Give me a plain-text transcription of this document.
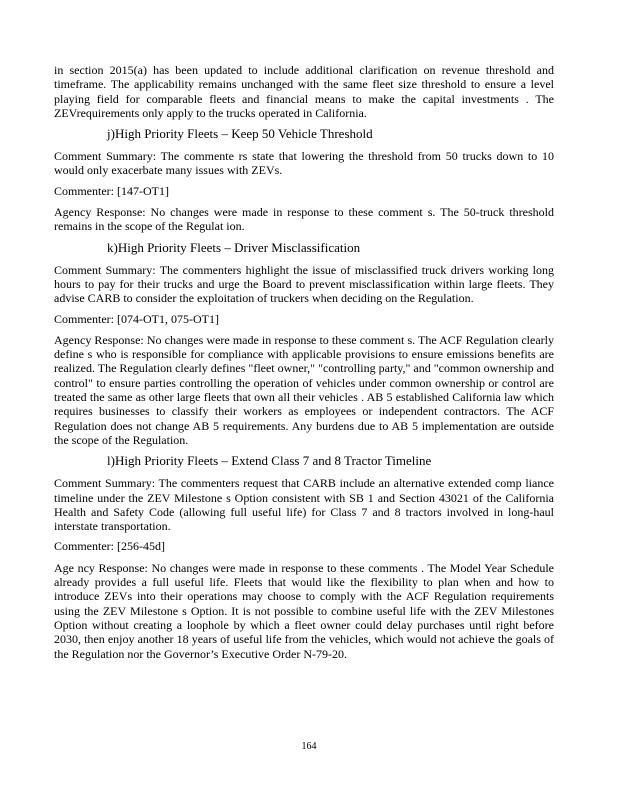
in section 2015(a) has been updated to include additional clarification on revenue threshold and timeframe. The applicability remains unchanged with the same fleet size threshold to ensure a level playing field for comparable fleets and financial means to make the capital investments . The ZEVrequirements only apply to the trucks operated in California.

j)High Priority Fleets – Keep 50 Vehicle Threshold

Comment Summary: The commente rs state that lowering the threshold from 50 trucks down to 10 would only exacerbate many issues with ZEVs.

Commenter: [147-OT1]

Agency Response: No changes were made in response to these comment s. The 50-truck threshold remains in the scope of the Regulat ion.

k)High Priority Fleets – Driver Misclassification

Comment Summary: The commenters highlight the issue of misclassified truck drivers working long hours to pay for their trucks and urge the Board to prevent misclassification within large fleets. They advise CARB to consider the exploitation of truckers when deciding on the Regulation.

Commenter: [074-OT1, 075-OT1]

Agency Response: No changes were made in response to these comment s. The ACF Regulation clearly define s who is responsible for compliance with applicable provisions to ensure emissions benefits are realized. The Regulation clearly defines "fleet owner," "controlling party," and "common ownership and control" to ensure parties controlling the operation of vehicles under common ownership or control are treated the same as other large fleets that own all their vehicles . AB 5 established California law which requires businesses to classify their workers as employees or independent contractors. The ACF Regulation does not change AB 5 requirements. Any burdens due to AB 5 implementation are outside the scope of the Regulation.

l)High Priority Fleets – Extend Class 7 and 8 Tractor Timeline

Comment Summary: The commenters request that CARB include an alternative extended comp liance timeline under the ZEV Milestone s Option consistent with SB 1 and Section 43021 of the California Health and Safety Code (allowing full useful life) for Class 7 and 8 tractors involved in long-haul interstate transportation.

Commenter: [256-45d]

Age ncy Response: No changes were made in response to these comments . The Model Year Schedule already provides a full useful life. Fleets that would like the flexibility to plan when and how to introduce ZEVs into their operations may choose to comply with the ACF Regulation requirements using the ZEV Milestone s Option. It is not possible to combine useful life with the ZEV Milestones Option without creating a loophole by which a fleet owner could delay purchases until right before 2030, then enjoy another 18 years of useful life from the vehicles, which would not achieve the goals of the Regulation nor the Governor’s Executive Order N-79-20.

164
